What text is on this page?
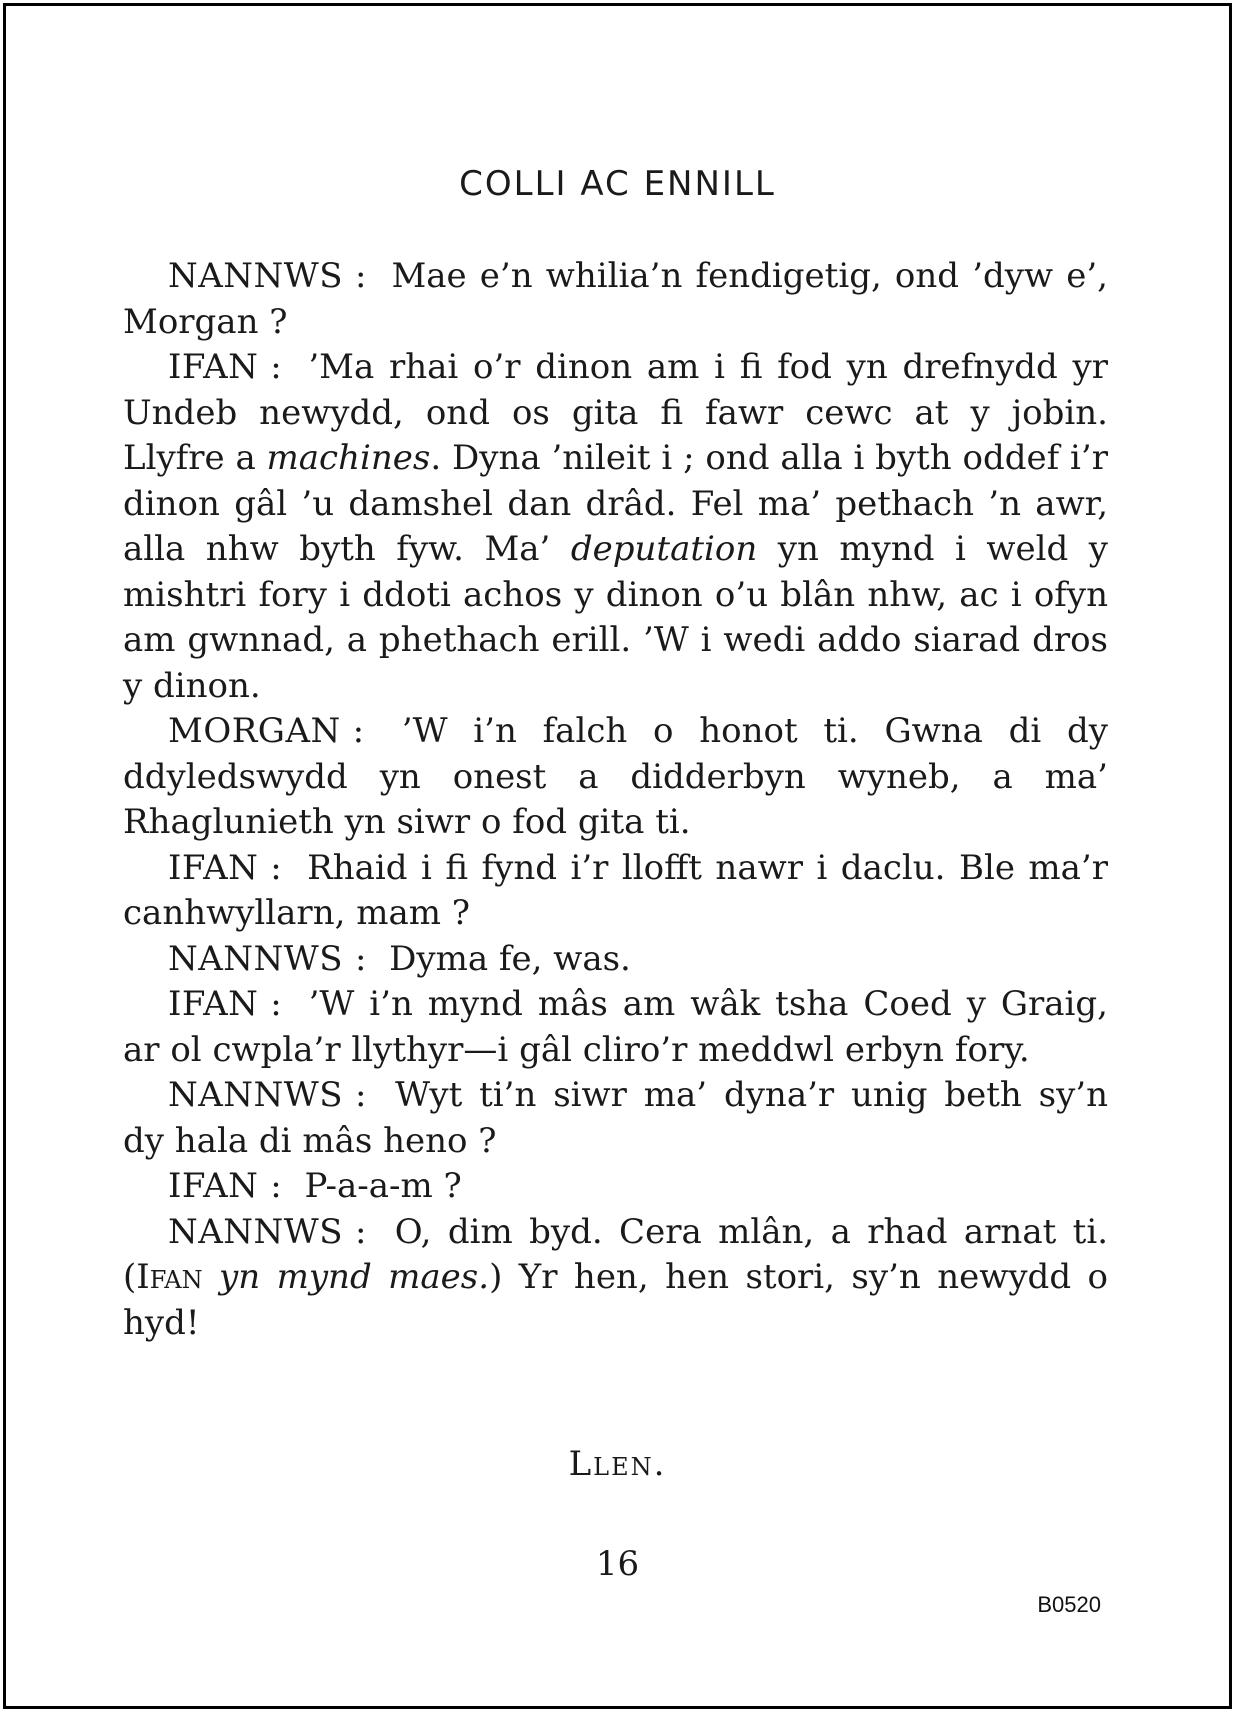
COLLI AC ENNILL

NANNWS : Mae e’n whilia’n fendigetig, ond ’dyw e’, Morgan ?

IFAN : ’Ma rhai o’r dinon am i fi fod yn drefnydd yr Undeb newydd, ond os gita fi fawr cewc at y jobin. Llyfre a machines. Dyna ’nileit i ; ond alla i byth oddef i’r dinon gâl ’u damshel dan drâd. Fel ma’ pethach ’n awr, alla nhw byth fyw. Ma’ deputation yn mynd i weld y mishtri fory i ddoti achos y dinon o’u blân nhw, ac i ofyn am gwnnad, a phethach erill. ’W i wedi addo siarad dros y dinon.

MORGAN : ’W i’n falch o honot ti. Gwna di dy ddyledswydd yn onest a didderbyn wyneb, a ma’ Rhaglunieth yn siwr o fod gita ti.

IFAN : Rhaid i fi fynd i’r llofft nawr i daclu. Ble ma’r canhwyllarn, mam ?

NANNWS : Dyma fe, was.

IFAN : ’W i’n mynd mâs am wâk tsha Coed y Graig, ar ol cwpla’r llythyr—i gâl cliro’r meddwl erbyn fory.

NANNWS : Wyt ti’n siwr ma’ dyna’r unig beth sy’n dy hala di mâs heno ?

IFAN : P-a-a-m ?

NANNWS : O, dim byd. Cera mlân, a rhad arnat ti. (Ifan yn mynd maes.) Yr hen, hen stori, sy’n newydd o hyd!

Llen.
16
B0520
